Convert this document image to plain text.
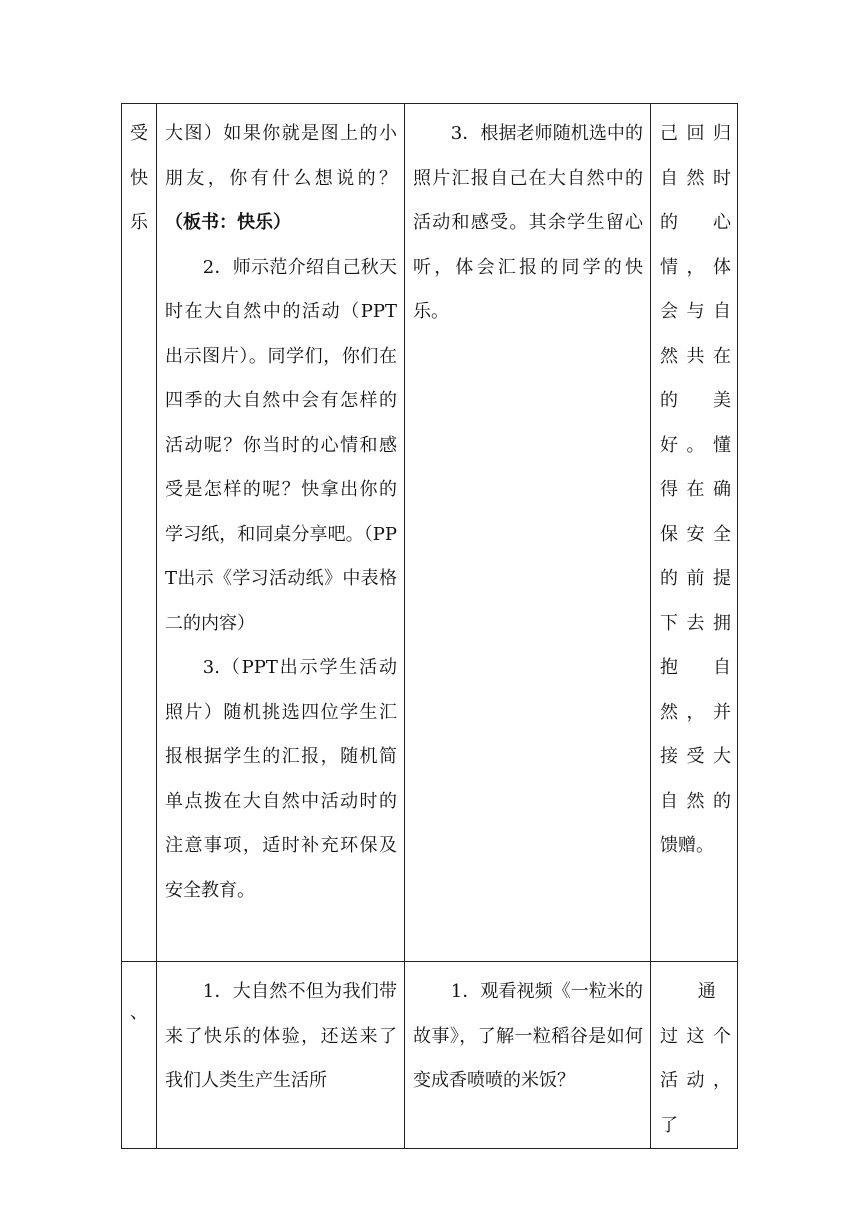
受快乐	大图）如果你就是图上的小朋友，你有什么想说的？（板书：快乐）

2．师示范介绍自己秋天时在大自然中的活动（PPT出示图片）。同学们，你们在四季的大自然中会有怎样的活动呢？你当时的心情和感受是怎样的呢？快拿出你的学习纸，和同桌分享吧。（PPT出示《学习活动纸》中表格二的内容）

3.（PPT出示学生活动照片）随机挑选四位学生汇报根据学生的汇报，随机简单点拨在大自然中活动时的注意事项，适时补充环保及安全教育。	3．根据老师随机选中的照片汇报自己在大自然中的活动和感受。其余学生留心听，体会汇报的同学的快乐。	己回归自然时的心情，体会与自然共在的美好。懂得在确保安全的前提下去拥抱自然，并接受大自然的馈赠。

、	1．大自然不但为我们带来了快乐的体验，还送来了我们人类生产生活所	1．观看视频《一粒米的故事》，了解一粒稻谷是如何变成香喷喷的米饭？	通过这个活动，了
